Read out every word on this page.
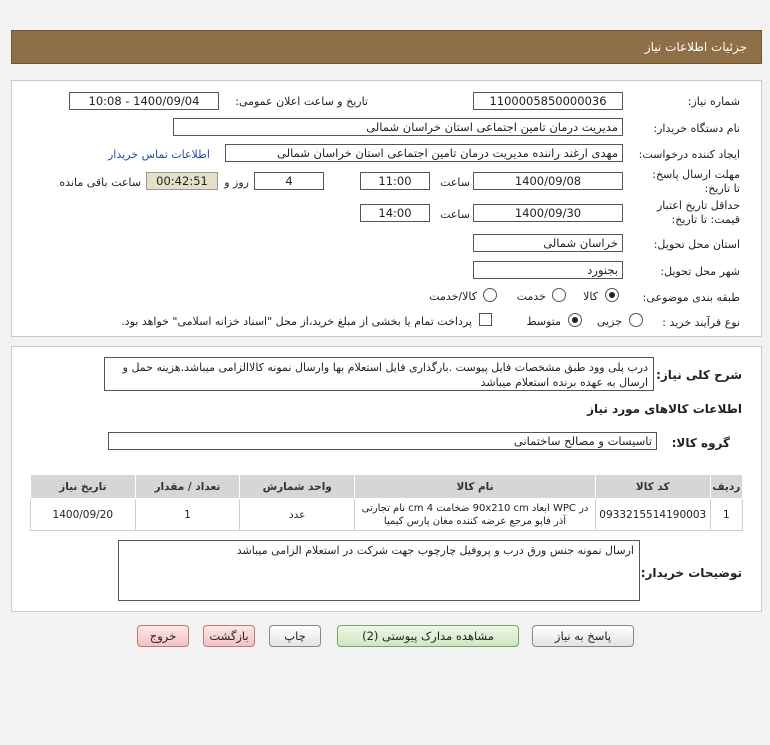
جزئیات اطلاعات نیاز
شماره نیاز:
1100005850000036
تاریخ و ساعت اعلان عمومی:
1400/09/04 - 10:08
نام دستگاه خریدار:
مدیریت درمان تامین اجتماعی استان خراسان شمالی
ایجاد کننده درخواست:
مهدی ارغند راننده مدیریت درمان تامین اجتماعی استان خراسان شمالی
اطلاعات تماس خریدار
مهلت ارسال پاسخ: تا تاریخ:
1400/09/08
ساعت
11:00
4
روز و
00:42:51
ساعت باقی مانده
حداقل تاریخ اعتبار قیمت: تا تاریخ:
1400/09/30
ساعت
14:00
استان محل تحویل:
خراسان شمالی
شهر محل تحویل:
بجنورد
طبقه بندی موضوعی:
کالا
خدمت
کالا/خدمت
نوع فرآیند خرید :
جزیی
متوسط
پرداخت تمام یا بخشی از مبلغ خرید،از محل "اسناد خزانه اسلامی" خواهد بود.
شرح کلی نیاز:
درب پلی وود طبق مشخصات فایل پیوست .بارگذاری فایل استعلام بها وارسال نمونه کالاالزامی میباشد.هزینه حمل و ارسال به عهده برنده استعلام میباشد
اطلاعات کالاهای مورد نیاز
گروه کالا:
تاسیسات و مصالح ساختمانی
ردیف	کد کالا	نام کالا	واحد شمارش	تعداد / مقدار	تاریخ نیاز
1	0933215514190003	در WPC ابعاد 90x210 cm ضخامت 4 cm نام تجارتی آذر فاپو مرجع عرضه کننده مغان پارس کیمیا	عدد	1	1400/09/20
توضیحات خریدار:
ارسال نمونه جنس ورق درب و پروفیل چارچوب جهت شرکت در استعلام الزامی میباشد
پاسخ به نیاز
مشاهده مدارک پیوستی (2)
چاپ
بازگشت
خروج
